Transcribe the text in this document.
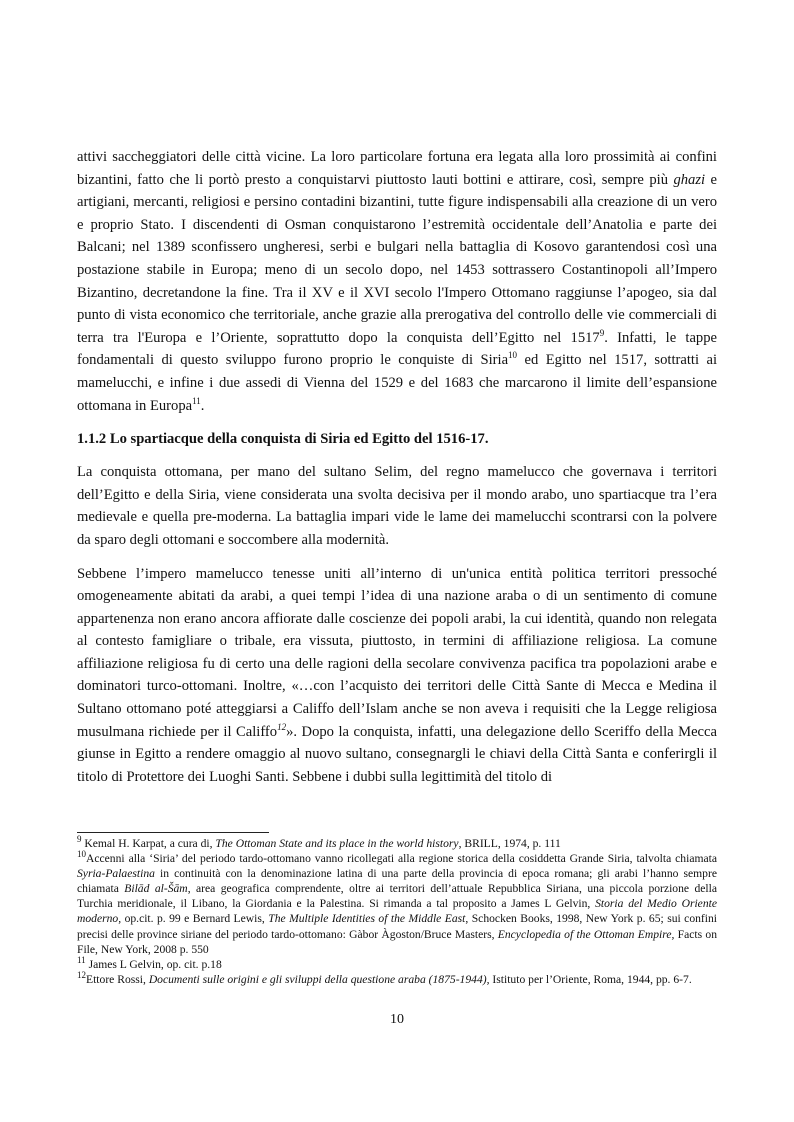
attivi saccheggiatori delle città vicine. La loro particolare fortuna era legata alla loro prossimità ai confini bizantini, fatto che li portò presto a conquistarvi piuttosto lauti bottini e attirare, così, sempre più ghazi e artigiani, mercanti, religiosi e persino contadini bizantini, tutte figure indispensabili alla creazione di un vero e proprio Stato. I discendenti di Osman conquistarono l’estremità occidentale dell’Anatolia e parte dei Balcani; nel 1389 sconfissero ungheresi, serbi e bulgari nella battaglia di Kosovo garantendosi così una postazione stabile in Europa; meno di un secolo dopo, nel 1453 sottrassero Costantinopoli all’Impero Bizantino, decretandone la fine. Tra il XV e il XVI secolo l'Impero Ottomano raggiunse l’apogeo, sia dal punto di vista economico che territoriale, anche grazie alla prerogativa del controllo delle vie commerciali di terra tra l'Europa e l’Oriente, soprattutto dopo la conquista dell’Egitto nel 1517$^9$. Infatti, le tappe fondamentali di questo sviluppo furono proprio le conquiste di Siria$^{10}$ ed Egitto nel 1517, sottratti ai mamelucchi, e infine i due assedi di Vienna del 1529 e del 1683 che marcarono il limite dell’espansione ottomana in Europa$^{11}$.

1.1.2 Lo spartiacque della conquista di Siria ed Egitto del 1516-17.

La conquista ottomana, per mano del sultano Selim, del regno mamelucco che governava i territori dell’Egitto e della Siria, viene considerata una svolta decisiva per il mondo arabo, uno spartiacque tra l’era medievale e quella pre-moderna. La battaglia impari vide le lame dei mamelucchi scontrarsi con la polvere da sparo degli ottomani e soccombere alla modernità.

Sebbene l’impero mamelucco tenesse uniti all’interno di un'unica entità politica territori pressoché omogeneamente abitati da arabi, a quei tempi l’idea di una nazione araba o di un sentimento di comune appartenenza non erano ancora affiorate dalle coscienze dei popoli arabi, la cui identità, quando non relegata al contesto famigliare o tribale, era vissuta, piuttosto, in termini di affiliazione religiosa. La comune affiliazione religiosa fu di certo una delle ragioni della secolare convivenza pacifica tra popolazioni arabe e dominatori turco-ottomani. Inoltre, «…con l’acquisto dei territori delle Città Sante di Mecca e Medina il Sultano ottomano poté atteggiarsi a Califfo dell’Islam anche se non aveva i requisiti che la Legge religiosa musulmana richiede per il Califfo$^{12}$». Dopo la conquista, infatti, una delegazione dello Sceriffo della Mecca giunse in Egitto a rendere omaggio al nuovo sultano, consegnargli le chiavi della Città Santa e conferirgli il titolo di Protettore dei Luoghi Santi. Sebbene i dubbi sulla legittimità del titolo di

$^9$ Kemal H. Karpat, a cura di, The Ottoman State and its place in the world history, BRILL, 1974, p. 111

$^{10}$Accenni alla ‘Siria’ del periodo tardo-ottomano vanno ricollegati alla regione storica della cosiddetta Grande Siria, talvolta chiamata Syria-Palaestina in continuità con la denominazione latina di una parte della provincia di epoca romana; gli arabi l’hanno sempre chiamata Bilād al-Šām, area geografica comprendente, oltre ai territori dell’attuale Repubblica Siriana, una piccola porzione della Turchia meridionale, il Libano, la Giordania e la Palestina. Si rimanda a tal proposito a James L Gelvin, Storia del Medio Oriente moderno, op.cit. p. 99 e Bernard Lewis, The Multiple Identities of the Middle East, Schocken Books, 1998, New York p. 65; sui confini precisi delle province siriane del periodo tardo-ottomano: Gàbor Àgoston/Bruce Masters, Encyclopedia of the Ottoman Empire, Facts on File, New York, 2008 p. 550

$^{11}$ James L Gelvin, op. cit. p.18

$^{12}$Ettore Rossi, Documenti sulle origini e gli sviluppi della questione araba (1875-1944), Istituto per l’Oriente, Roma, 1944, pp. 6-7.

10
